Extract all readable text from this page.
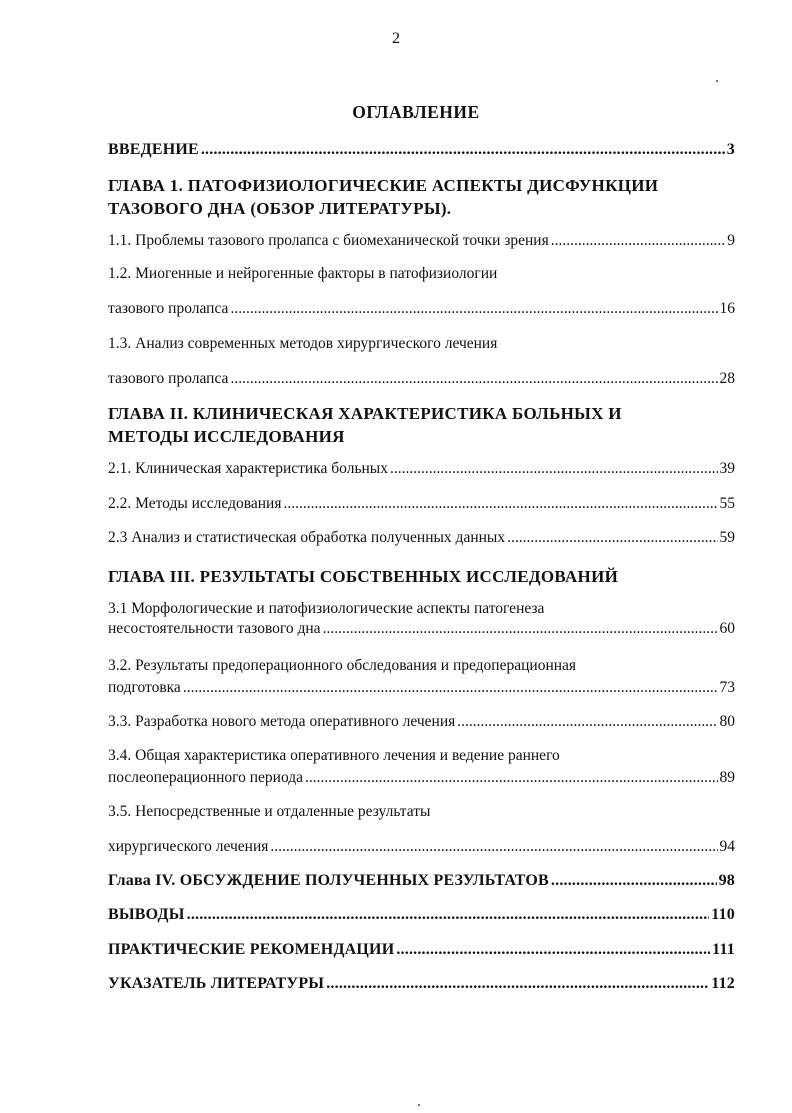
2
ОГЛАВЛЕНИЕ
ВВЕДЕНИЕ .....	3
ГЛАВА 1. ПАТОФИЗИОЛОГИЧЕСКИЕ АСПЕКТЫ ДИСФУНКЦИИ
ТАЗОВОГО ДНА (ОБЗОР ЛИТЕРАТУРЫ).
1.1. Проблемы тазового пролапса с биомеханической точки зрения .....	9
1.2. Миогенные и нейрогенные факторы в патофизиологии
тазового пролапса .....	16
1.3. Анализ современных методов хирургического лечения
тазового пролапса .....	28
ГЛАВА II. КЛИНИЧЕСКАЯ ХАРАКТЕРИСТИКА БОЛЬНЫХ И
МЕТОДЫ ИССЛЕДОВАНИЯ
2.1. Клиническая характеристика больных .....	39
2.2. Методы исследования .....	55
2.3 Анализ и статистическая обработка полученных данных .....	59
ГЛАВА III. РЕЗУЛЬТАТЫ СОБСТВЕННЫХ ИССЛЕДОВАНИЙ
3.1 Морфологические и патофизиологические аспекты патогенеза
несостоятельности тазового дна .....	60
3.2. Результаты предоперационного обследования и предоперационная
подготовка .....	73
3.3. Разработка нового метода оперативного лечения .....	80
3.4. Общая характеристика оперативного лечения и ведение раннего
послеоперационного периода .....	89
3.5. Непосредственные и отдаленные результаты
хирургического лечения .....	94
Глава IV. ОБСУЖДЕНИЕ ПОЛУЧЕННЫХ РЕЗУЛЬТАТОВ .....	98
ВЫВОДЫ .....	110
ПРАКТИЧЕСКИЕ РЕКОМЕНДАЦИИ .....	111
УКАЗАТЕЛЬ ЛИТЕРАТУРЫ .....	112
